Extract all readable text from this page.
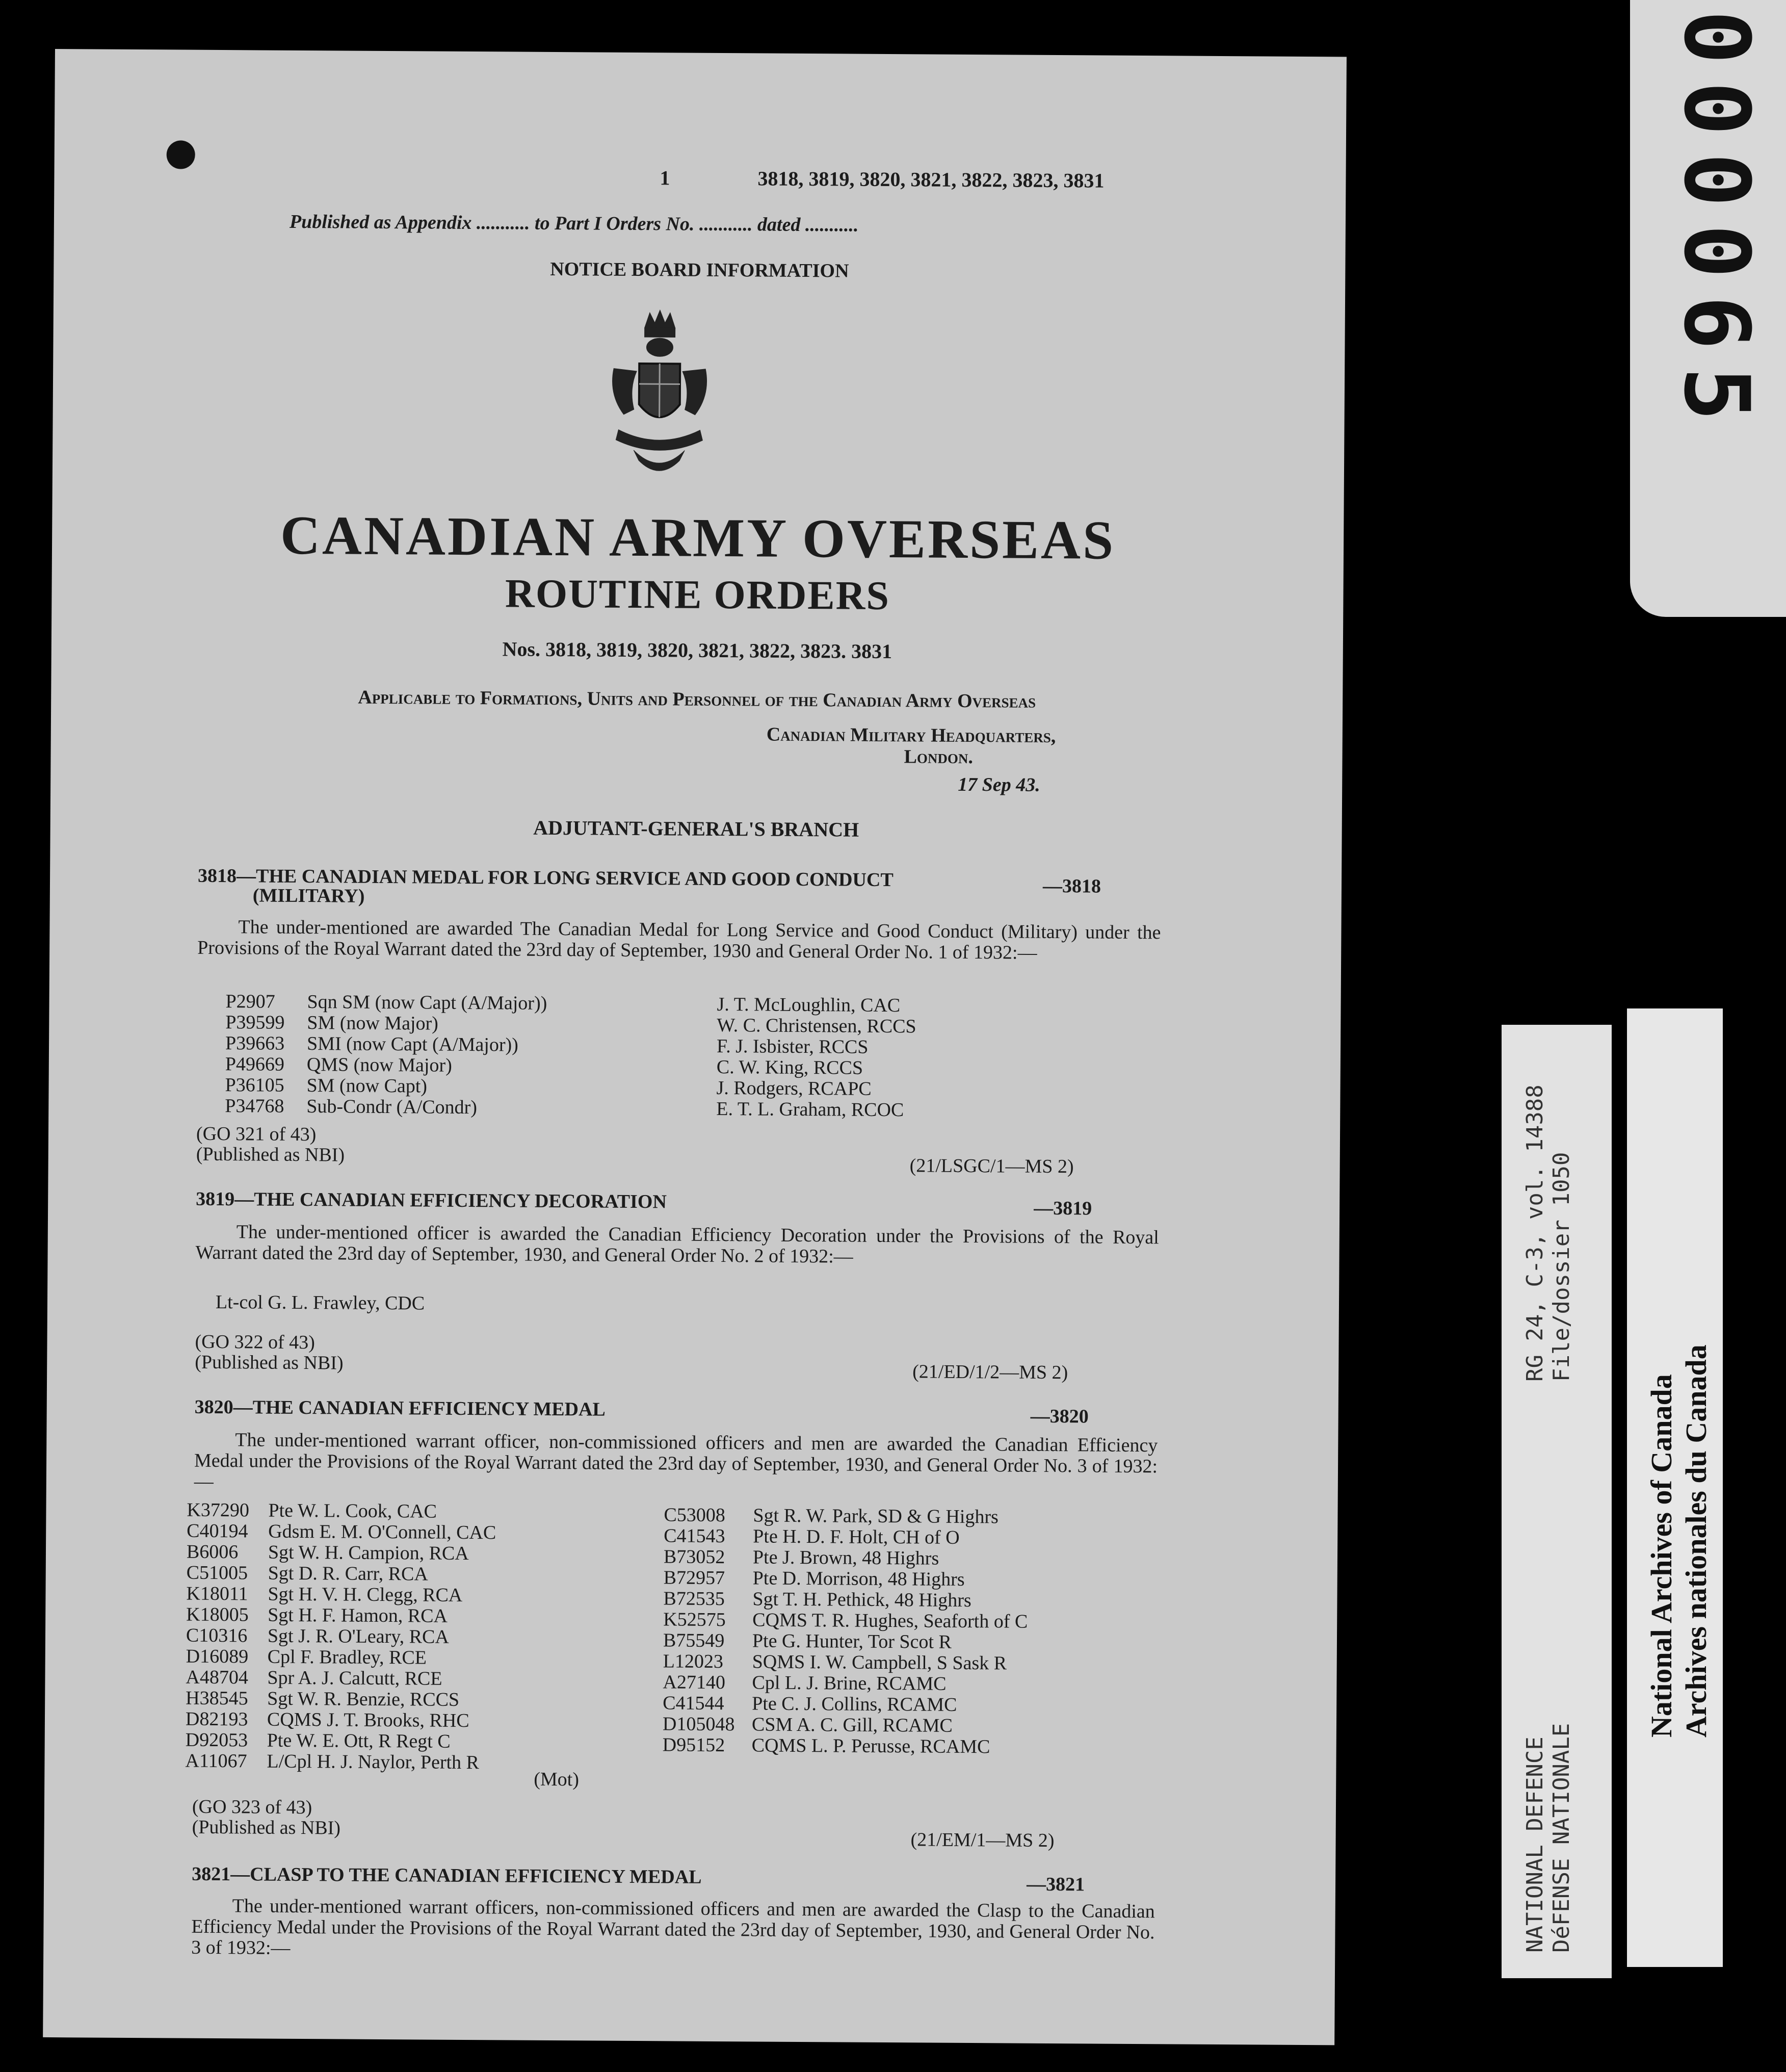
1	3818, 3819, 3820, 3821, 3822, 3823, 3831
Published as Appendix ........... to Part I Orders No. ........... dated ...........
NOTICE BOARD INFORMATION
CANADIAN ARMY OVERSEAS
ROUTINE ORDERS
Nos. 3818, 3819, 3820, 3821, 3822, 3823. 3831
Applicable to Formations, Units and Personnel of the Canadian Army Overseas
Canadian Military Headquarters,
London.
17 Sep 43.
ADJUTANT-GENERAL'S BRANCH
3818—THE CANADIAN MEDAL FOR LONG SERVICE AND GOOD CONDUCT
(MILITARY)	—3818
The under-mentioned are awarded The Canadian Medal for Long Service and Good Conduct (Military) under the Provisions of the Royal Warrant dated the 23rd day of September, 1930 and General Order No. 1 of 1932:—
P2907 Sqn SM (now Capt (A/Major))	J. T. McLoughlin, CAC
P39599 SM (now Major)	W. C. Christensen, RCCS
P39663 SMI (now Capt (A/Major))	F. J. Isbister, RCCS
P49669 QMS (now Major)	C. W. King, RCCS
P36105 SM (now Capt)	J. Rodgers, RCAPC
P34768 Sub-Condr (A/Condr)	E. T. L. Graham, RCOC
(GO 321 of 43)
(Published as NBI)
(21/LSGC/1—MS 2)
3819—THE CANADIAN EFFICIENCY DECORATION	—3819
The under-mentioned officer is awarded the Canadian Efficiency Decoration under the Provisions of the Royal Warrant dated the 23rd day of September, 1930, and General Order No. 2 of 1932:—
Lt-col G. L. Frawley, CDC
(GO 322 of 43)
(Published as NBI)	(21/ED/1/2—MS 2)
3820—THE CANADIAN EFFICIENCY MEDAL	—3820
The under-mentioned warrant officer, non-commissioned officers and men are awarded the Canadian Efficiency Medal under the Provisions of the Royal Warrant dated the 23rd day of September, 1930, and General Order No. 3 of 1932:—
K37290 Pte W. L. Cook, CAC
C40194 Gdsm E. M. O'Connell, CAC
B6006 Sgt W. H. Campion, RCA
C51005 Sgt D. R. Carr, RCA
K18011 Sgt H. V. H. Clegg, RCA
K18005 Sgt H. F. Hamon, RCA
C10316 Sgt J. R. O'Leary, RCA
D16089 Cpl F. Bradley, RCE
A48704 Spr A. J. Calcutt, RCE
H38545 Sgt W. R. Benzie, RCCS
D82193 CQMS J. T. Brooks, RHC
D92053 Pte W. E. Ott, R Regt C
A11067 L/Cpl H. J. Naylor, Perth R
(Mot)
C53008 Sgt R. W. Park, SD & G Highrs
C41543 Pte H. D. F. Holt, CH of O
B73052 Pte J. Brown, 48 Highrs
B72957 Pte D. Morrison, 48 Highrs
B72535 Sgt T. H. Pethick, 48 Highrs
K52575 CQMS T. R. Hughes, Seaforth of C
B75549 Pte G. Hunter, Tor Scot R
L12023 SQMS I. W. Campbell, S Sask R
A27140 Cpl L. J. Brine, RCAMC
C41544 Pte C. J. Collins, RCAMC
D105048 CSM A. C. Gill, RCAMC
D95152 CQMS L. P. Perusse, RCAMC
(GO 323 of 43)
(Published as NBI)
(21/EM/1—MS 2)
3821—CLASP TO THE CANADIAN EFFICIENCY MEDAL	—3821
The under-mentioned warrant officers, non-commissioned officers and men are awarded the Clasp to the Canadian Efficiency Medal under the Provisions of the Royal Warrant dated the 23rd day of September, 1930, and General Order No. 3 of 1932:—
000065
RG 24, C-3, vol. 14388 File/dossier 1050
NATIONAL DEFENCE DéFENSE NATIONALE
National Archives of Canada Archives nationales du Canada
